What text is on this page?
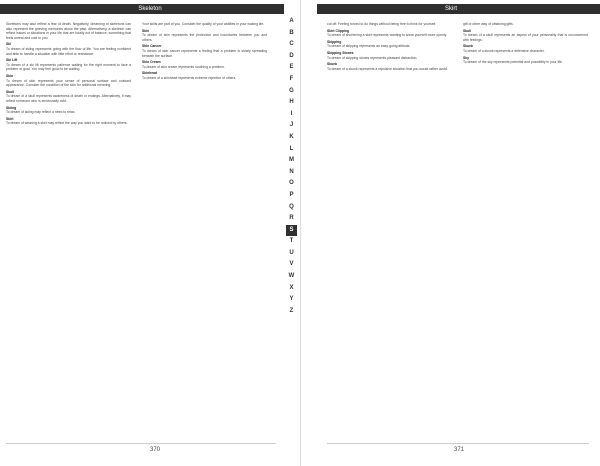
Skeleton

Skeletons may also reflect a fear of death. Negatively, dreaming of skeletons can also represent the grieving memories about the past. Alternatively, a skeleton can reflect issues or situations in your life that are totally out of balance, something that feels unreal and cold to you.

Ski

To dream of skiing represents going with the flow of life. You are feeling confident and able to handle a situation with little effort or resistance.

Ski Lift

To dream of a ski lift represents patience waiting for the right moment to face a problem or goal. You may feel good to be waiting.

Skin

To dream of skin represents your sense of personal surface and outward appearance. Consider the condition of the skin for additional meaning.

Skull

To dream of a skull represents awareness of death or endings. Alternatively, it may reflect someone who is emotionally cold.

Skiing

To dream of skiing may reflect a need to relax.

Skirt

To dream of wearing a skirt may reflect the way you want to be noticed by others.

Your skills are part of you. Consider the quality of your abilities in your waking life.

Skin

To dream of skin represents the protection and boundaries between you and others.

Skin Cancer

To dream of skin cancer represents a feeling that a problem is slowly spreading beneath the surface.

Skin Cream

To dream of skin cream represents soothing a problem.

Skinhead

To dream of a skinhead represents extreme rejection of others.

370
A
B
C
D
E
F
G
H
I
J
K
L
M
N
O
P
Q
R
S
T
U
V
W
X
Y
Z
Skirt

cut off. Feeling forced to do things without being free to think for yourself.

Skirt Clipping

To dream of shortening a skirt represents wanting to show yourself more openly.

Skipping

To dream of skipping represents an easy-going attitude.

Skipping Stones

To dream of skipping stones represents pleasant distraction.

Skunk

To dream of a skunk represents a repulsive situation that you would rather avoid.

gift or other way of obtaining gifts.

Skull

To dream of a skull represents an aspect of your personality that is unconcerned with feelings.

Skunk

To dream of a skunk represents a defensive character.

Sky

To dream of the sky represents potential and possibility in your life.

371
